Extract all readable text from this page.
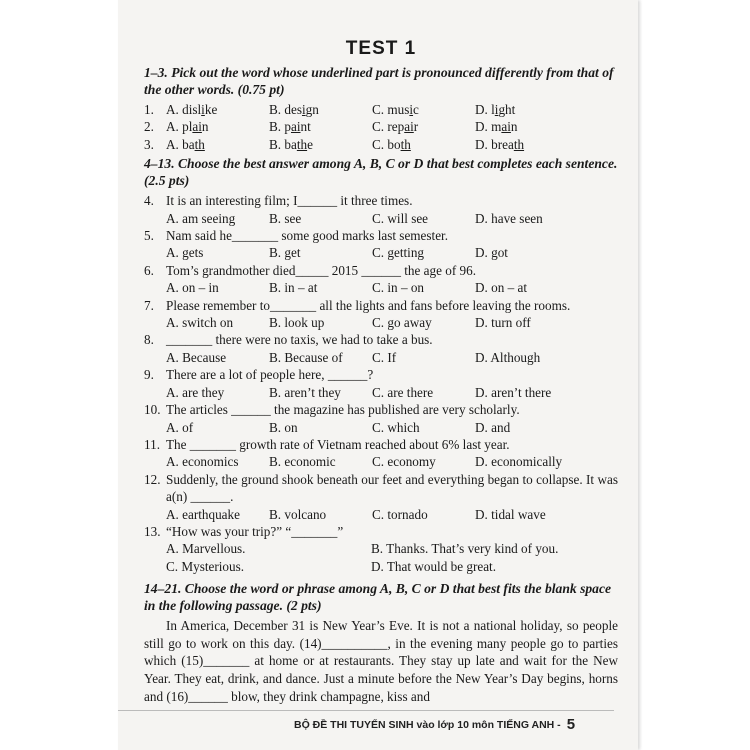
TEST 1
1–3. Pick out the word whose underlined part is pronounced differently from that of the other words. (0.75 pt)
1. A. dislike	B. design	C. music	D. light
2. A. plain	B. paint	C. repair	D. main
3. A. bath	B. bathe	C. both	D. breath
4–13. Choose the best answer among A, B, C or D that best completes each sentence. (2.5 pts)
4. It is an interesting film; I______ it three times.
A. am seeing	B. see	C. will see	D. have seen
5. Nam said he_______ some good marks last semester.
A. gets	B. get	C. getting	D. got
6. Tom’s grandmother died_____ 2015 ______ the age of 96.
A. on – in	B. in – at	C. in – on	D. on – at
7. Please remember to_______ all the lights and fans before leaving the rooms.
A. switch on	B. look up	C. go away	D. turn off
8. _______ there were no taxis, we had to take a bus.
A. Because	B. Because of	C. If	D. Although
9. There are a lot of people here, ______?
A. are they	B. aren’t they	C. are there	D. aren’t there
10. The articles ______ the magazine has published are very scholarly.
A. of	B. on	C. which	D. and
11. The _______ growth rate of Vietnam reached about 6% last year.
A. economics	B. economic	C. economy	D. economically
12. Suddenly, the ground shook beneath our feet and everything began to collapse. It was a(n) ______.
A. earthquake	B. volcano	C. tornado	D. tidal wave
13. “How was your trip?” “_______”
A. Marvellous.	B. Thanks. That’s very kind of you.
C. Mysterious.	D. That would be great.
14–21. Choose the word or phrase among A, B, C or D that best fits the blank space in the following passage. (2 pts)

In America, December 31 is New Year’s Eve. It is not a national holiday, so people still go to work on this day. (14)__________, in the evening many people go to parties which (15)_______ at home or at restaurants. They stay up late and wait for the New Year. They eat, drink, and dance. Just a minute before the New Year’s Day begins, horns and (16)______ blow, they drink champagne, kiss and

BỘ ĐỀ THI TUYỂN SINH vào lớp 10 môn TIẾNG ANH - 5
